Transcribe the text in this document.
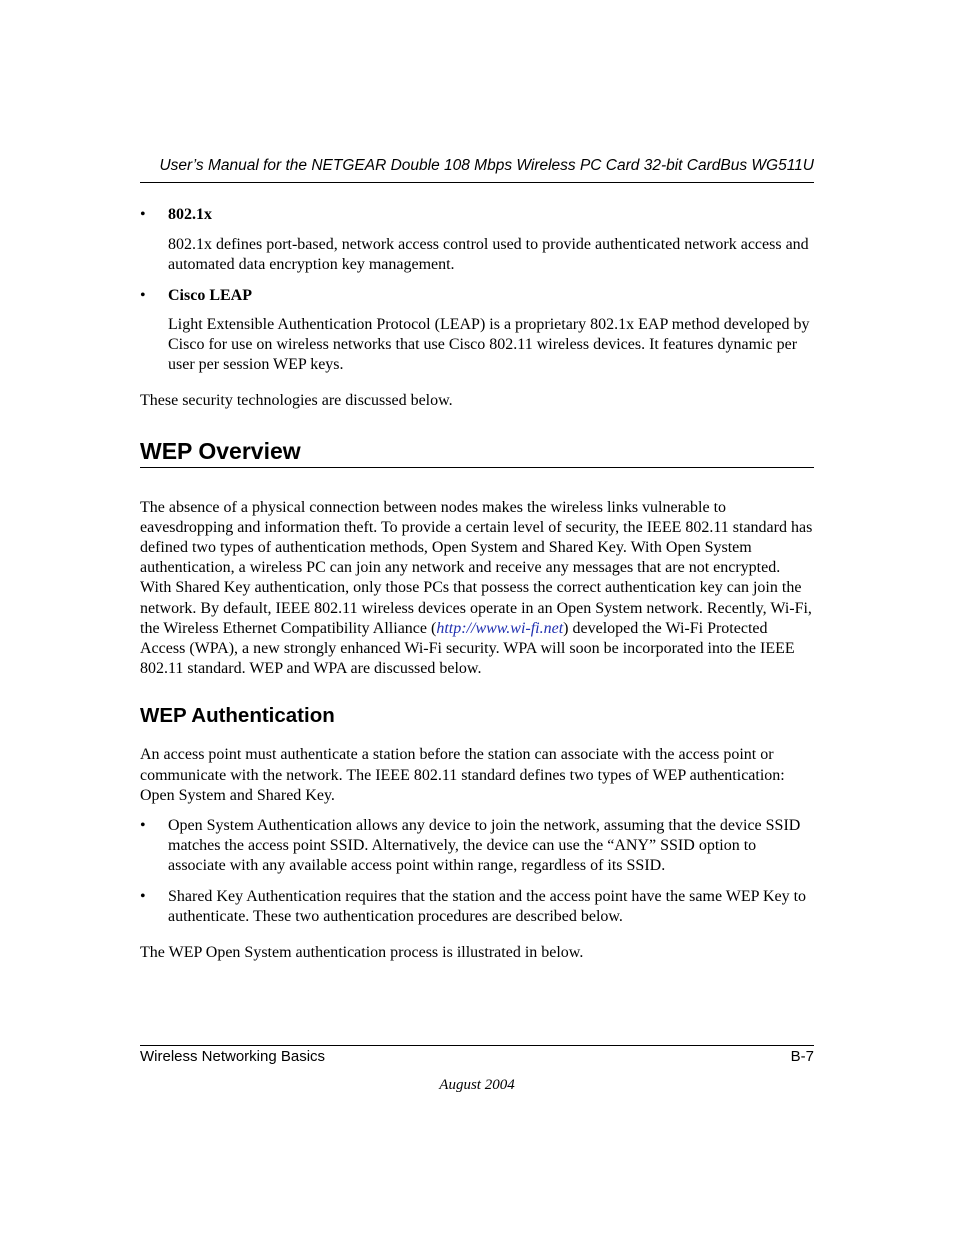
User’s Manual for the NETGEAR Double 108 Mbps Wireless PC Card 32-bit CardBus WG511U
• 802.1x

802.1x defines port-based, network access control used to provide authenticated network access and automated data encryption key management.

• Cisco LEAP

Light Extensible Authentication Protocol (LEAP) is a proprietary 802.1x EAP method developed by Cisco for use on wireless networks that use Cisco 802.11 wireless devices. It features dynamic per user per session WEP keys.

These security technologies are discussed below.

WEP Overview

The absence of a physical connection between nodes makes the wireless links vulnerable to eavesdropping and information theft. To provide a certain level of security, the IEEE 802.11 standard has defined two types of authentication methods, Open System and Shared Key. With Open System authentication, a wireless PC can join any network and receive any messages that are not encrypted. With Shared Key authentication, only those PCs that possess the correct authentication key can join the network. By default, IEEE 802.11 wireless devices operate in an Open System network. Recently, Wi-Fi, the Wireless Ethernet Compatibility Alliance (http://www.wi-fi.net) developed the Wi-Fi Protected Access (WPA), a new strongly enhanced Wi-Fi security. WPA will soon be incorporated into the IEEE 802.11 standard. WEP and WPA are discussed below.

WEP Authentication

An access point must authenticate a station before the station can associate with the access point or communicate with the network. The IEEE 802.11 standard defines two types of WEP authentication: Open System and Shared Key.

• Open System Authentication allows any device to join the network, assuming that the device SSID matches the access point SSID. Alternatively, the device can use the “ANY” SSID option to associate with any available access point within range, regardless of its SSID.
• Shared Key Authentication requires that the station and the access point have the same WEP Key to authenticate. These two authentication procedures are described below.

The WEP Open System authentication process is illustrated in below.

Wireless Networking Basics	B-7
August 2004
